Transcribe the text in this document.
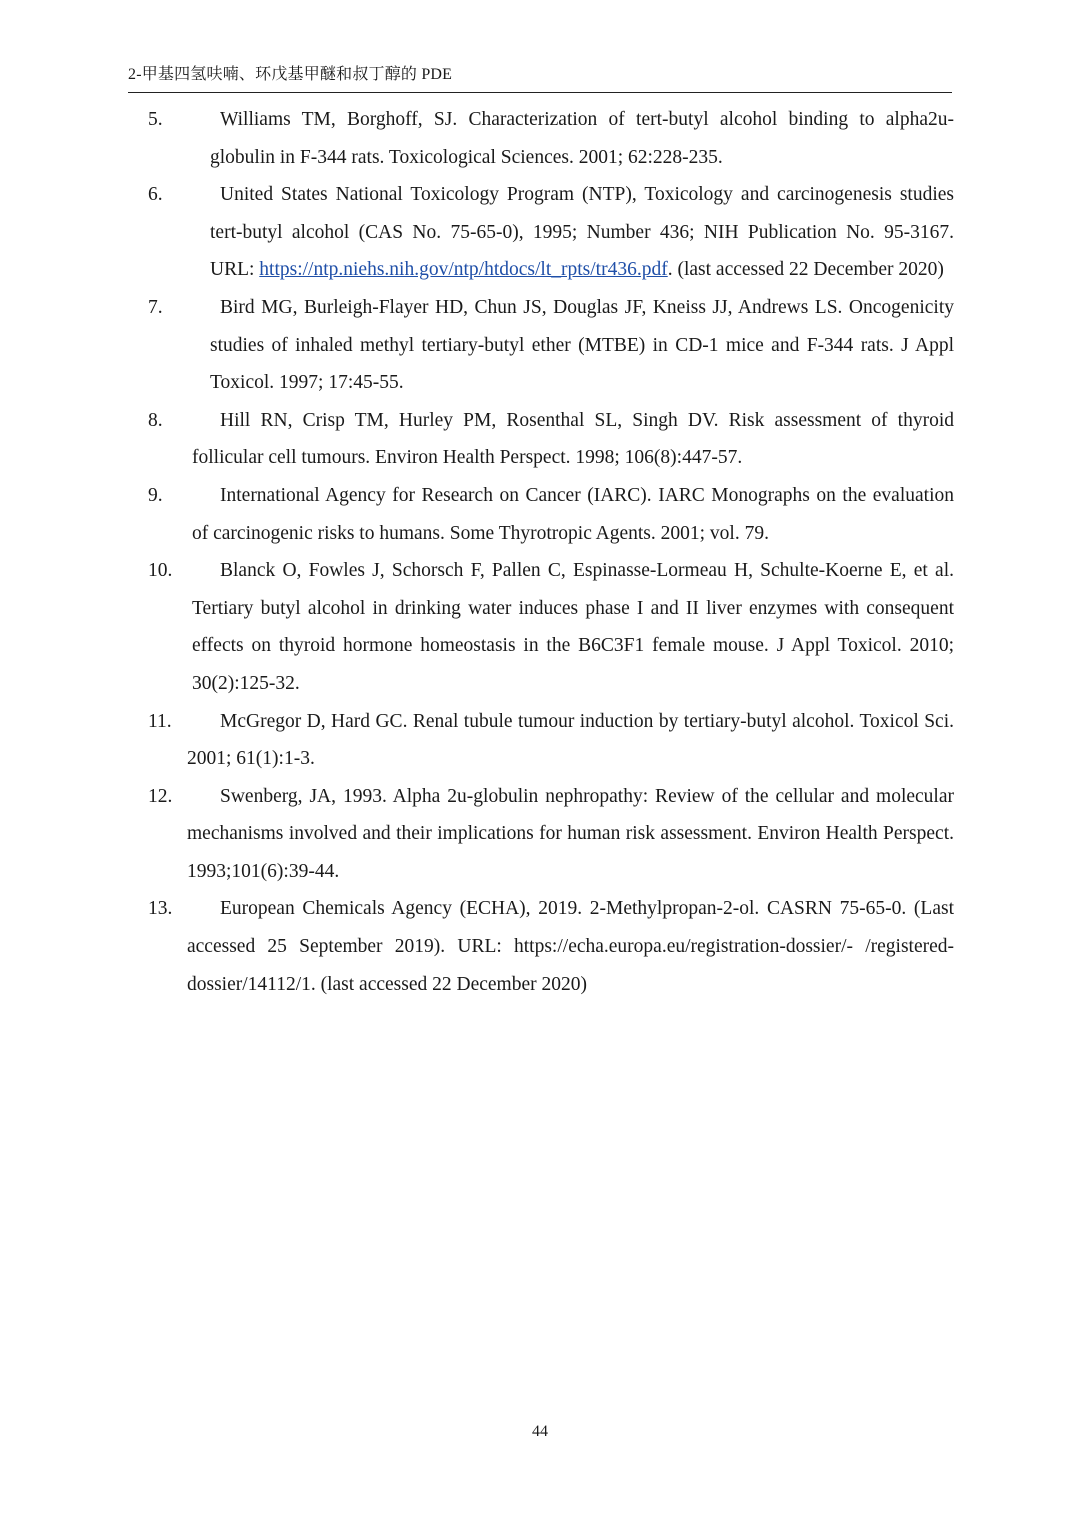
2-甲基四氢呋喃、环戊基甲醚和叔丁醇的 PDE
5.	Williams TM, Borghoff, SJ. Characterization of tert-butyl alcohol binding to alpha2u-globulin in F-344 rats. Toxicological Sciences. 2001; 62:228-235.
6.	United States National Toxicology Program (NTP), Toxicology and carcinogenesis studies tert-butyl alcohol (CAS No. 75-65-0), 1995; Number 436; NIH Publication No. 95-3167. URL: https://ntp.niehs.nih.gov/ntp/htdocs/lt_rpts/tr436.pdf. (last accessed 22 December 2020)
7.	Bird MG, Burleigh-Flayer HD, Chun JS, Douglas JF, Kneiss JJ, Andrews LS. Oncogenicity studies of inhaled methyl tertiary-butyl ether (MTBE) in CD-1 mice and F-344 rats. J Appl Toxicol. 1997; 17:45-55.
8.	Hill RN, Crisp TM, Hurley PM, Rosenthal SL, Singh DV. Risk assessment of thyroid follicular cell tumours. Environ Health Perspect. 1998; 106(8):447-57.
9.	International Agency for Research on Cancer (IARC). IARC Monographs on the evaluation of carcinogenic risks to humans. Some Thyrotropic Agents. 2001; vol. 79.
10.	Blanck O, Fowles J, Schorsch F, Pallen C, Espinasse-Lormeau H, Schulte-Koerne E, et al. Tertiary butyl alcohol in drinking water induces phase I and II liver enzymes with consequent effects on thyroid hormone homeostasis in the B6C3F1 female mouse. J Appl Toxicol. 2010; 30(2):125-32.
11.	McGregor D, Hard GC. Renal tubule tumour induction by tertiary-butyl alcohol. Toxicol Sci. 2001; 61(1):1-3.
12.	Swenberg, JA, 1993. Alpha 2u-globulin nephropathy: Review of the cellular and molecular mechanisms involved and their implications for human risk assessment. Environ Health Perspect. 1993;101(6):39-44.
13.	European Chemicals Agency (ECHA), 2019. 2-Methylpropan-2-ol. CASRN 75-65-0. (Last accessed 25 September 2019). URL: https://echa.europa.eu/registration-dossier/- /registered-dossier/14112/1. (last accessed 22 December 2020)
44
